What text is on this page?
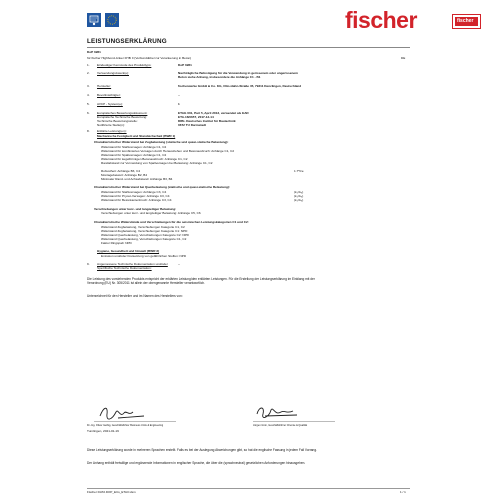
fischer	fischer
LEISTUNGSERKLÄRUNG
DoP 0281
für fischer Highbond-Anker FHB II (Verbunddübel zur Verankerung in Beton)	DE
1. Eindeutiger Kenncode des Produkttyps:	DoP 0281
2. Verwendungszweck(e):	Nachträgliche Befestigung für die Verwendung in gerissenem oder ungerissenem
Beton siehe Anhang, insbesondere die Anhänge C1 - B1
3. Hersteller:	fischerwerke GmbH & Co. KG, Otto-Hahn-Straße 45, 79211 Denzlingen, Deutschland
4. Bevollmächtigter:	--
5. AVCP - System(e):	1
6. Europäisches Bewertungsdokument:	ETAG 001, Part 5, April 2013, verwendet als EAD
Europäische Technische Bewertung:	ETA-16/0657, 2017-12-14
Technische Bewertungsstelle:	DIBt- Deutsches Institut für Bautechnik
Notifizierte Stelle(n):	0672 TU Darmstadt
8. Erklärte Leistung(en):
Mechanische Festigkeit und Standsicherheit (BWR 1)
Charakteristischer Widerstand bei Zugbelastung (statische und quasi-statische Belastung):
Widerstand für Stahlversagen: Anhänge C1, C2
Widerstand für kombiniertes Versagen durch Herausziehen und Betonausbruch: Anhänge C1, C2
Widerstand für Spaltversagen: Anhänge C1, C2
Widerstand für kegelförmigen Betonausbruch: Anhänge C1, C2
Randabstand zur Vermeidung von Spaltversagen bei Belastung: Anhänge C1, C2
Robustheit: Anhänge B3, C4	1.7*fce
Montagebeiwert: Anhänge B2, B4
Minimaler Rand- und Achsabstand: Anhänge B3, B4
Charakteristischer Widerstand bei Querbelastung (statische und quasi-statische Belastung):
Widerstand für Stahlversagen: Anhänge C3, C4	(k₁=k₈)
Widerstand für Pryout-Versagen: Anhänge C3, C4	(k₁=k₈)
Widerstand für Betonkantenbruch: Anhänge C3, C4	(k₁=k₈)
Verschiebungen unter kurz- und langzeitiger Belastung:
Verschiebungen unter kurz- und langzeitiger Belastung: Anhänge C5, C6
Charakteristische Widerstände und Verschiebungen für die seismischen Leistungskategorien C1 und C2:
Widerstand Zugbelastung, Verschiebungen Kategorie C1, C2
Widerstand Zugbelastung, Verschiebungen Kategorie C1: NPD
Widerstand Querbelastung, Verschiebungen Kategorie C2: NPD
Widerstand Querbelastung, Verschiebungen Kategorie C1, C2
Faktor Ringspalt: NPD
Hygiene, Gesundheit und Umwelt (BWR 3)
Emission und/oder Freisetzung von gefährlichen Stoffen: NPD
9. Angemessene Technische Dokumentation und/oder
Spezifische Technische Dokumentation:
--
Die Leistung des vorstehenden Produkts entspricht der erklärten Leistung/den erklärten Leistungen. Für die Erstellung der Leistungserklärung im Einklang mit der
Verordnung (EU) Nr. 305/2011 ist allein der obengenannte Hersteller verantwortlich.
Unterzeichnet für den Hersteller und im Namen des Herstellers von:
Dr.-Ing. Oliver Geibig, Geschäftsführer Business Units & Engineering	Jürgen Grün, Geschäftsführer Chemie & Qualität
Tumlingen, 2021-01-19
Diese Leistungserklärung wurde in mehreren Sprachen erstellt. Falls es bei der Auslegung Abweichungen gibt, so hat die englische Fassung in jedem Fall Vorrang.
Der Anhang enthält freiwillige und ergänzende Informationen in englischer Sprache, die über die (sprachneutral) gesetzlichen Anforderungen hinausgehen.
Fischer DATA DOP_ECs_ETA3.xlsm	1 / 1
